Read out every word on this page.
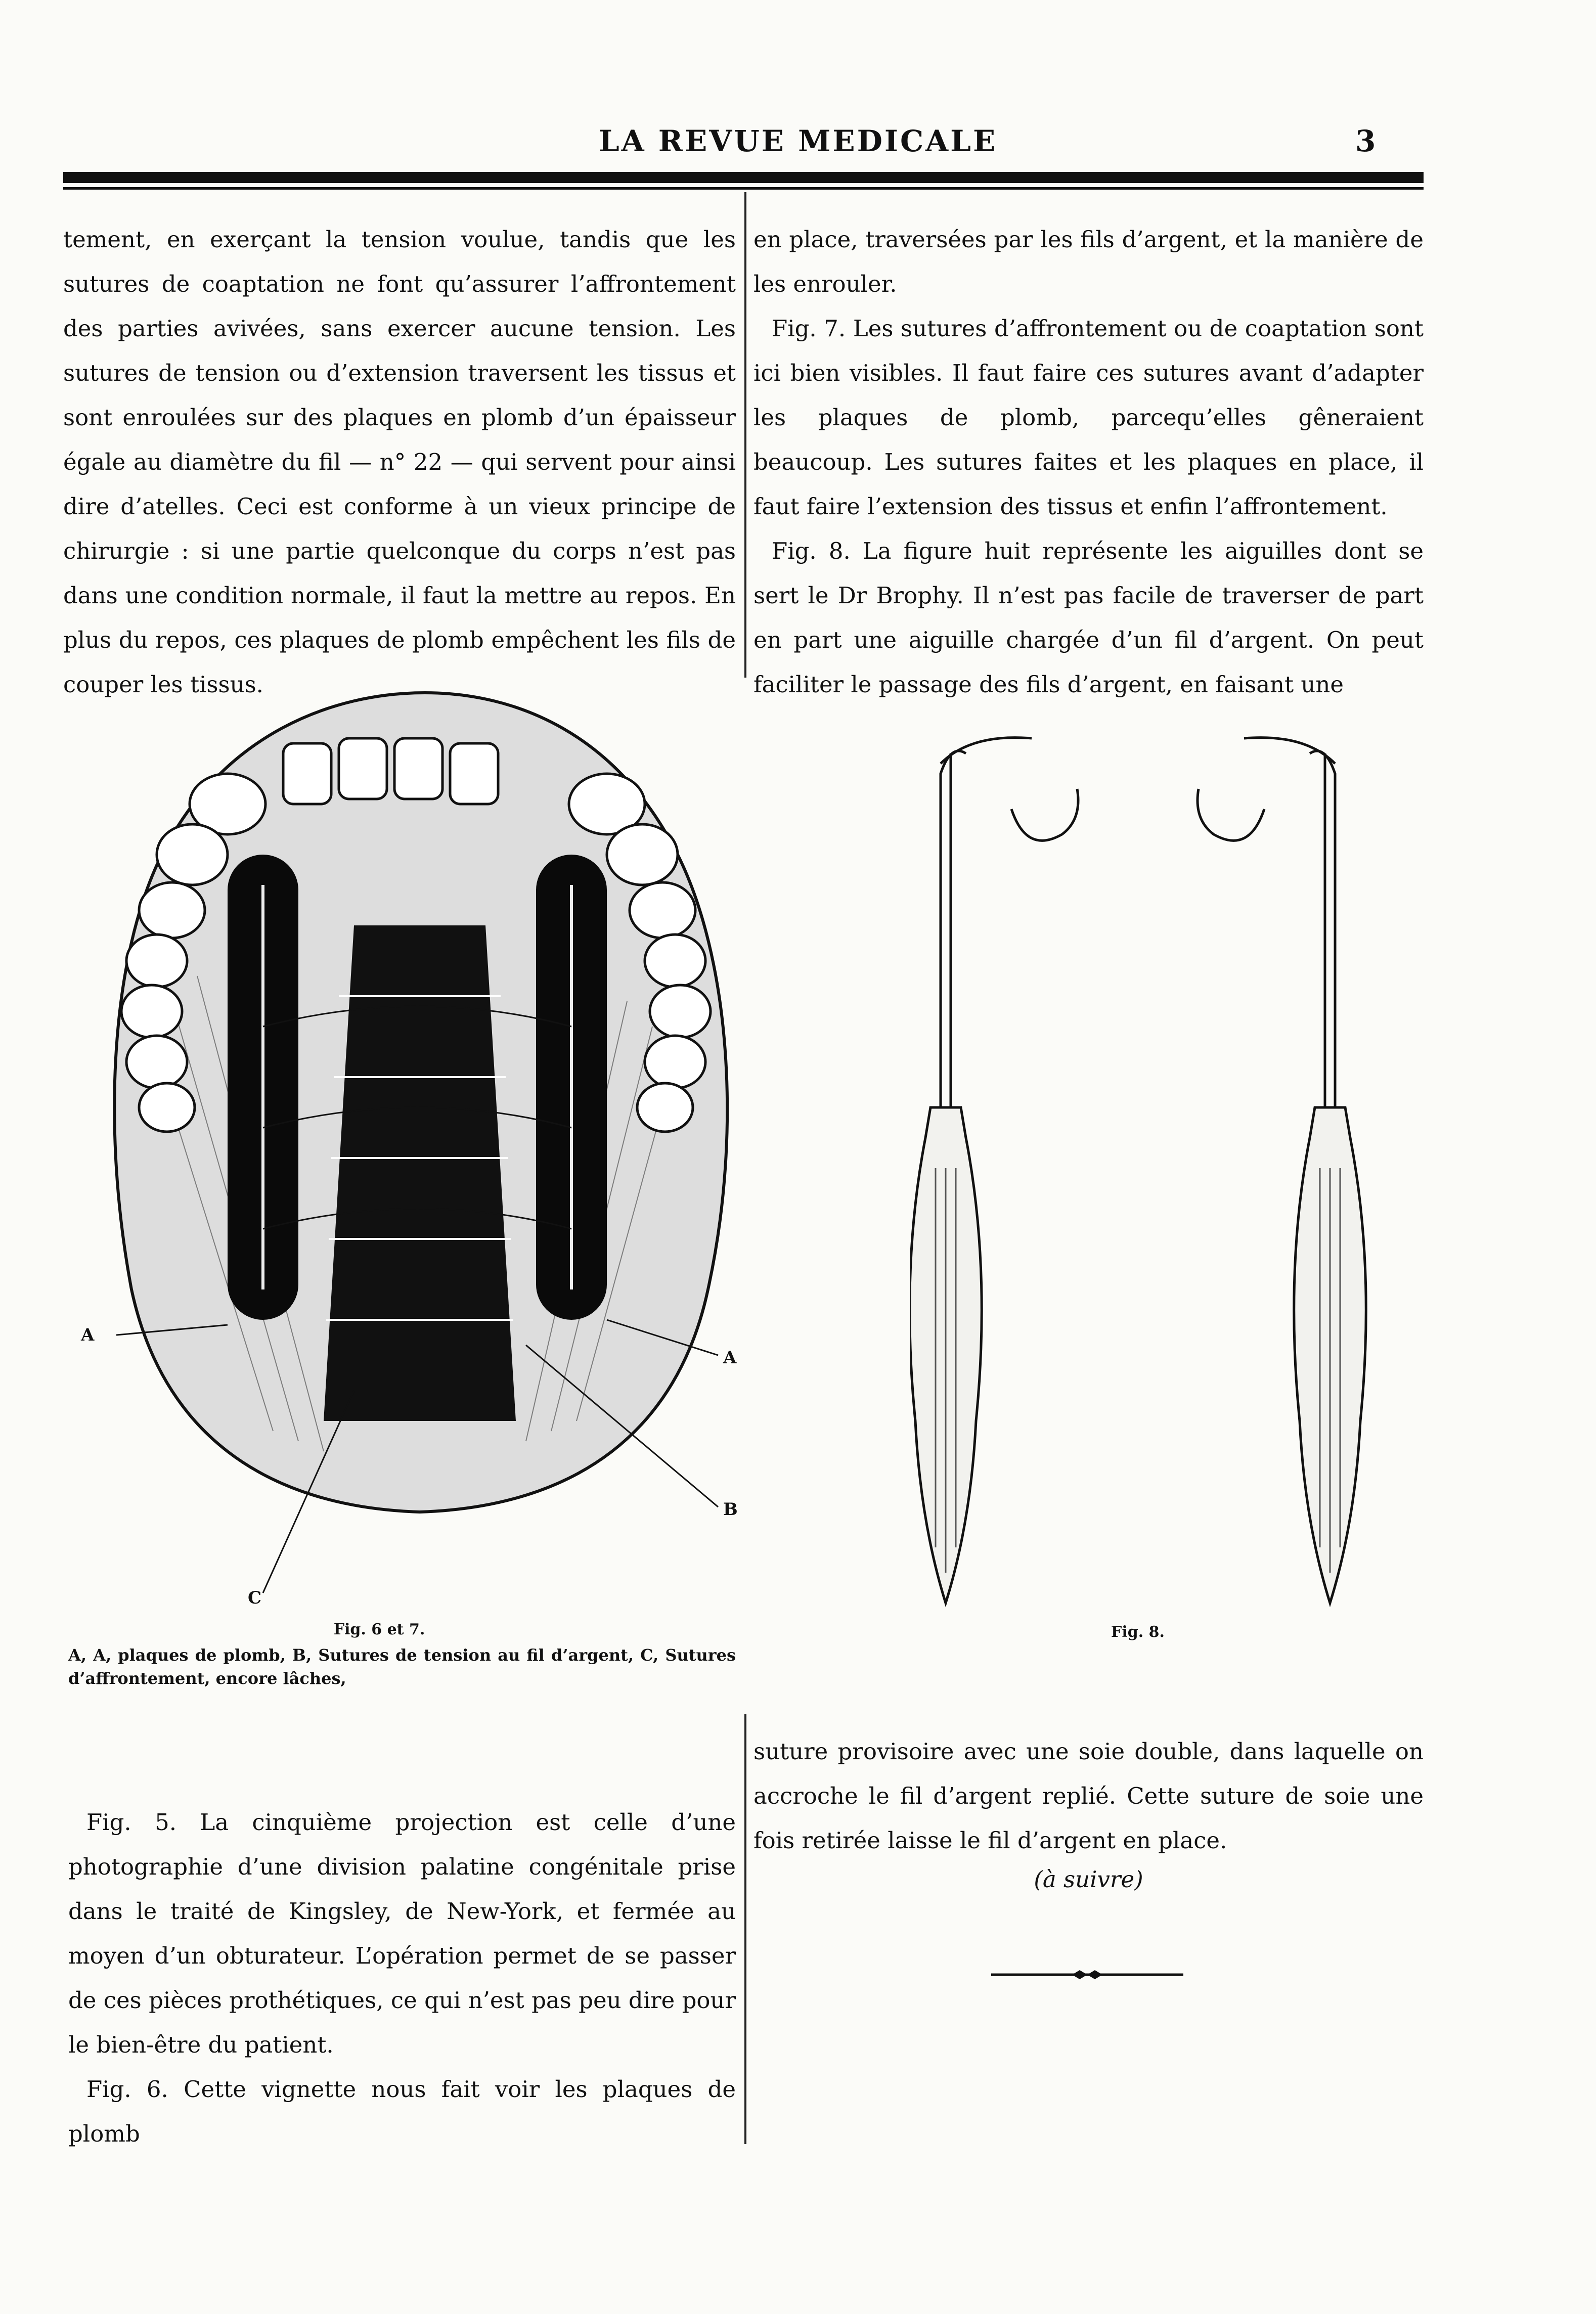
LA REVUE MEDICALE	3

tement, en exerçant la tension voulue, tandis que les sutures de coaptation ne font qu’assurer l’affrontement des parties avivées, sans exercer aucune tension. Les sutures de tension ou d’extension traversent les tissus et sont enroulées sur des plaques en plomb d’un épaisseur égale au diamètre du fil — n° 22 — qui servent pour ainsi dire d’atelles. Ceci est conforme à un vieux principe de chirurgie : si une partie quelconque du corps n’est pas dans une condition normale, il faut la mettre au repos. En plus du repos, ces plaques de plomb empêchent les fils de couper les tissus.

en place, traversées par les fils d’argent, et la manière de les enrouler.

Fig. 7. Les sutures d’affrontement ou de coaptation sont ici bien visibles. Il faut faire ces sutures avant d’adapter les plaques de plomb, parcequ’elles gêneraient beaucoup. Les sutures faites et les plaques en place, il faut faire l’extension des tissus et enfin l’affrontement.

Fig. 8. La figure huit représente les aiguilles dont se sert le Dr Brophy. Il n’est pas facile de traverser de part en part une aiguille chargée d’un fil d’argent. On peut faciliter le passage des fils d’argent, en faisant une

A
A
B
C
Fig. 6 et 7.
A, A, plaques de plomb, B, Sutures de tension au fil d’argent, C, Sutures d’affrontement, encore lâches,
Fig. 8.

Fig. 5. La cinquième projection est celle d’une photographie d’une division palatine congénitale prise dans le traité de Kingsley, de New-York, et fermée au moyen d’un obturateur. L’opération permet de se passer de ces pièces prothétiques, ce qui n’est pas peu dire pour le bien-être du patient.

Fig. 6. Cette vignette nous fait voir les plaques de plomb

suture provisoire avec une soie double, dans laquelle on accroche le fil d’argent replié. Cette suture de soie une fois retirée laisse le fil d’argent en place.

(à suivre)
